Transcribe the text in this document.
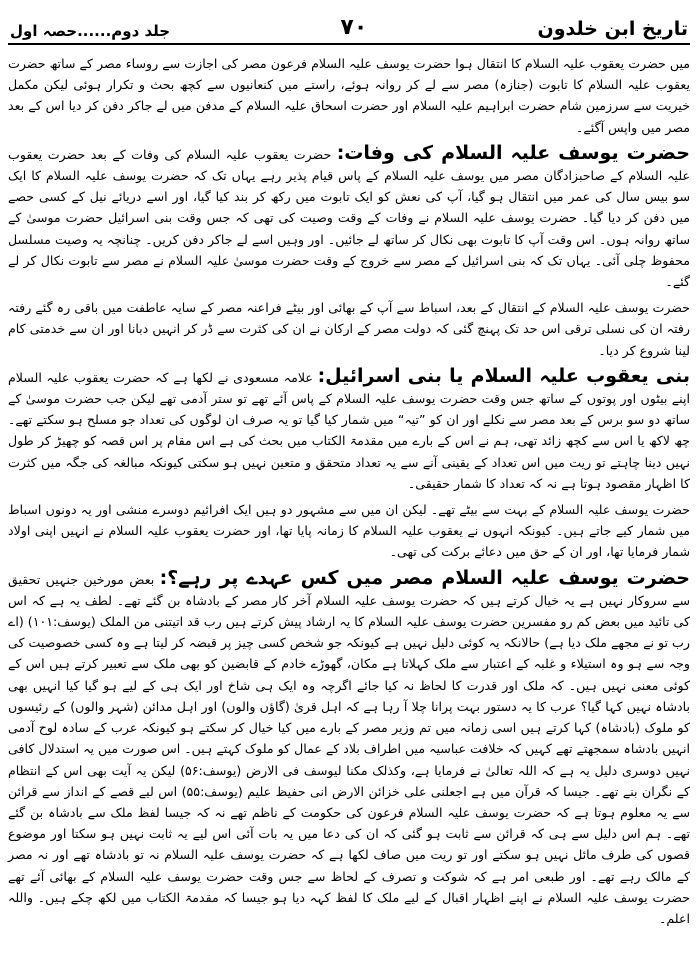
تاریخ ابن خلدون
۷۰
جلد دوم......حصہ اول

میں حضرت یعقوب علیہ السلام کا انتقال ہوا حضرت یوسف علیہ السلام فرعون مصر کی اجازت سے روساء مصر کے ساتھ حضرت یعقوب علیہ السلام کا تابوت (جنازہ) مصر سے لے کر روانہ ہوئے، راستے میں کنعانیوں سے کچھ بحث و تکرار ہوئی لیکن مکمل خیریت سے سرزمین شام حضرت ابراہیم علیہ السلام اور حضرت اسحاق علیہ السلام کے مدفن میں لے جاکر دفن کر دیا اس کے بعد مصر میں واپس آگئے۔

حضرت یوسف علیہ السلام کی وفات: حضرت یعقوب علیہ السلام کی وفات کے بعد حضرت یعقوب علیہ السلام کے صاحبزادگان مصر میں یوسف علیہ السلام کے پاس قیام پذیر رہے یہاں تک کہ حضرت یوسف علیہ السلام کا ایک سو بیس سال کی عمر میں انتقال ہو گیا، آپ کی نعش کو ایک تابوت میں رکھ کر بند کیا گیا، اور اسے دریائے نیل کے کسی حصے میں دفن کر دیا گیا۔ حضرت یوسف علیہ السلام نے وفات کے وقت وصیت کی تھی کہ جس وقت بنی اسرائیل حضرت موسیٰ کے ساتھ روانہ ہوں۔ اس وقت آپ کا تابوت بھی نکال کر ساتھ لے جائیں۔ اور وہیں اسے لے جاکر دفن کریں۔ چنانچہ یہ وصیت مسلسل محفوظ چلی آئی۔ یہاں تک کہ بنی اسرائیل کے مصر سے خروج کے وقت حضرت موسیٰ علیہ السلام نے مصر سے تابوت نکال کر لے گئے۔

حضرت یوسف علیہ السلام کے انتقال کے بعد، اسباط سے آپ کے بھائی اور بیٹے فراعنہ مصر کے سایہ عاطفت میں باقی رہ گئے رفتہ رفتہ ان کی نسلی ترقی اس حد تک پہنچ گئی کہ دولت مصر کے ارکان نے ان کی کثرت سے ڈر کر انہیں دبانا اور ان سے خدمتی کام لینا شروع کر دیا۔

بنی یعقوب علیہ السلام یا بنی اسرائیل: علامہ مسعودی نے لکھا ہے کہ حضرت یعقوب علیہ السلام اپنے بیٹوں اور پوتوں کے ساتھ جس وقت حضرت یوسف علیہ السلام کے پاس آئے تھے تو ستر آدمی تھے لیکن جب حضرت موسیٰ کے ساتھ دو سو برس کے بعد مصر سے نکلے اور ان کو ”تیہ“ میں شمار کیا گیا تو یہ صرف ان لوگوں کی تعداد جو مسلح ہو سکتے تھے۔ چھ لاکھ یا اس سے کچھ زائد تھی، ہم نے اس کے بارے میں مقدمۃ الکتاب میں بحث کی ہے اس مقام پر اس قصہ کو چھیڑ کر طول نہیں دینا چاہتے تو ریت میں اس تعداد کے یقینی آنے سے یہ تعداد متحقق و متعین نہیں ہو سکتی کیونکہ مبالغہ کی جگہ میں کثرت کا اظہار مقصود ہوتا ہے نہ کہ تعداد کا شمار حقیقی۔

حضرت یوسف علیہ السلام کے بہت سے بیٹے تھے۔ لیکن ان میں سے مشہور دو ہیں ایک افرائیم دوسرے منشی اور یہ دونوں اسباط میں شمار کیے جاتے ہیں۔ کیونکہ انہوں نے یعقوب علیہ السلام کا زمانہ پایا تھا، اور حضرت یعقوب علیہ السلام نے انہیں اپنی اولاد شمار فرمایا تھا، اور ان کے حق میں دعائے برکت کی تھی۔

حضرت یوسف علیہ السلام مصر میں کس عہدے پر رہے؟: بعض مورخین جنہیں تحقیق سے سروکار نہیں ہے یہ خیال کرتے ہیں کہ حضرت یوسف علیہ السلام آخر کار مصر کے بادشاہ بن گئے تھے۔ لطف یہ ہے کہ اس کی تائید میں بعض کم رو مفسرین حضرت یوسف علیہ السلام کا یہ ارشاد پیش کرتے ہیں رب قد اتیتنی من الملک (یوسف:۱۰۱) (اے رب تو نے مجھے ملک دیا ہے) حالانکہ یہ کوئی دلیل نہیں ہے کیونکہ جو شخص کسی چیز پر قبضہ کر لیتا ہے وہ کسی خصوصیت کی وجہ سے ہو وہ استیلاء و غلبہ کے اعتبار سے ملک کہلاتا ہے مکان، گھوڑے خادم کے قابضین کو بھی ملک سے تعبیر کرتے ہیں اس کے کوئی معنی نہیں ہیں۔ کہ ملک اور قدرت کا لحاظ نہ کیا جائے اگرچہ وہ ایک ہی شاخ اور ایک ہی کے لیے ہو گیا کیا انہیں بھی بادشاہ نہیں کہا گیا؟ عرب کا یہ دستور بہت پرانا چلا آ رہا ہے کہ اہل قریٰ (گاؤں والوں) اور اہل مدائن (شہر والوں) کے رئیسوں کو ملوک (بادشاہ) کہا کرتے ہیں اسی زمانہ میں تم وزیر مصر کے بارے میں کیا خیال کر سکتے ہو کیونکہ عرب کے سادہ لوح آدمی انہیں بادشاہ سمجھتے تھے کہیں کہ خلافت عباسیہ میں اطراف بلاد کے عمال کو ملوک کہتے ہیں۔ اس صورت میں یہ استدلال کافی نہیں دوسری دلیل یہ ہے کہ اللہ تعالیٰ نے فرمایا ہے، وکذلک مکنا لیوسف فی الارض (یوسف:۵۶) لیکن یہ آیت بھی اس کے انتظام کے نگران بنے تھے۔ جیسا کہ قرآن میں ہے اجعلنی علی خزائن الارض انی حفیظ علیم (یوسف:۵۵) اس لیے قصے کے انداز سے قرائن سے یہ معلوم ہوتا ہے کہ حضرت یوسف علیہ السلام فرعون کی حکومت کے ناظم تھے نہ کہ جیسا لفظ ملک سے بادشاہ بن گئے تھے۔ ہم اس دلیل سے ہی کہ قرائن سے ثابت ہو گئی کہ ان کی دعا میں یہ بات آئی اس لیے یہ ثابت نہیں ہو سکتا اور موضوع قصوں کی طرف مائل نہیں ہو سکتے اور تو ریت میں صاف لکھا ہے کہ حضرت یوسف علیہ السلام نہ تو بادشاہ تھے اور نہ مصر کے مالک رہے تھے۔ اور طبعی امر ہے کہ شوکت و تصرف کے لحاظ سے جس وقت حضرت یوسف علیہ السلام کے بھائی آئے تھے حضرت یوسف علیہ السلام نے اپنے اظہار اقبال کے لیے ملک کا لفظ کہہ دیا ہو جیسا کہ مقدمۃ الکتاب میں لکھ چکے ہیں۔ واللہ اعلم۔
